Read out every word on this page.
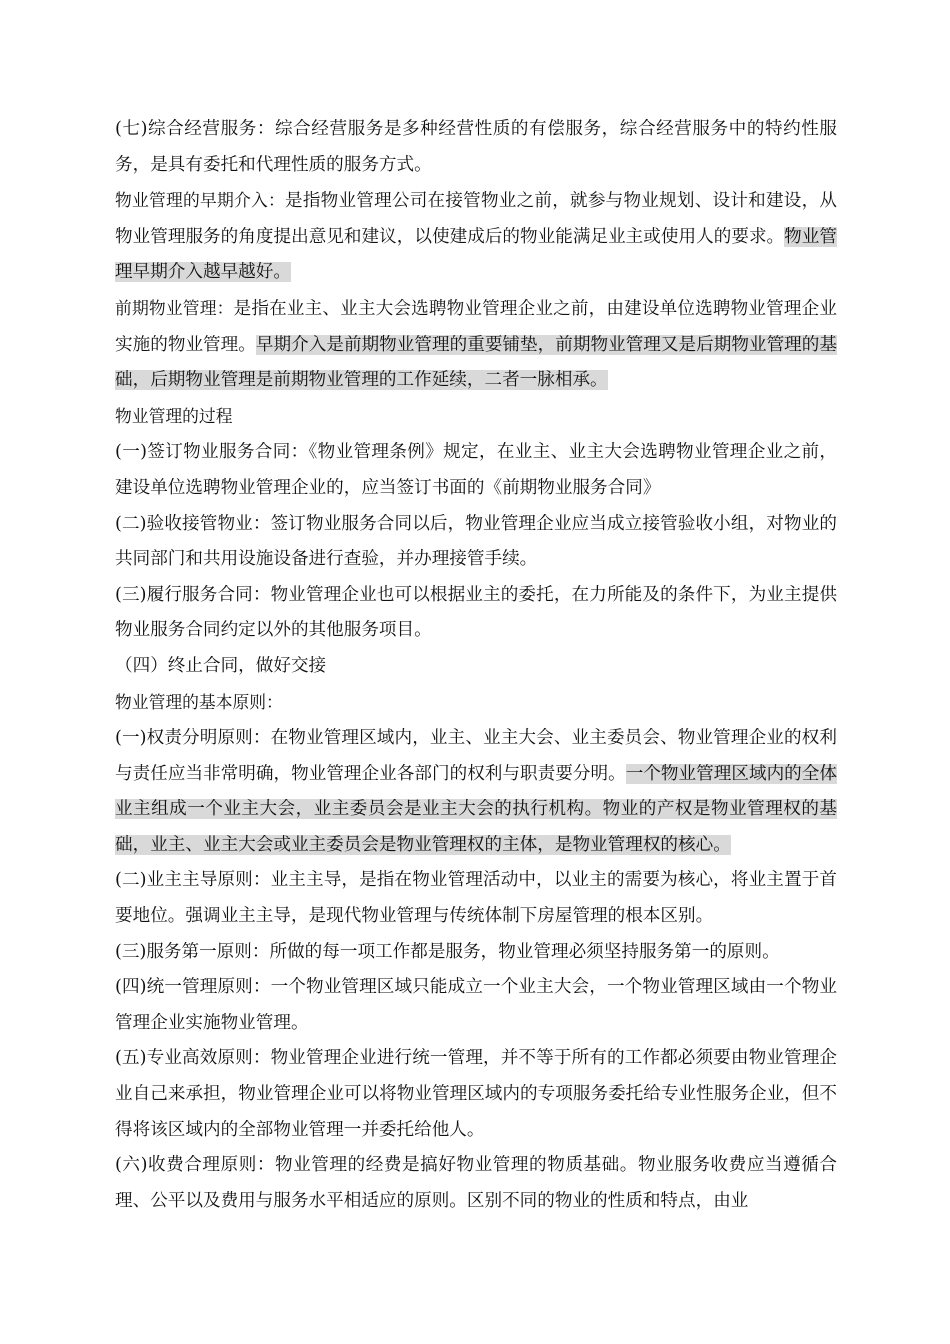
(七)综合经营服务：综合经营服务是多种经营性质的有偿服务，综合经营服务中的特约性服务，是具有委托和代理性质的服务方式。

物业管理的早期介入：是指物业管理公司在接管物业之前，就参与物业规划、设计和建设，从物业管理服务的角度提出意见和建议，以使建成后的物业能满足业主或使用人的要求。物业管理早期介入越早越好。

前期物业管理：是指在业主、业主大会选聘物业管理企业之前，由建设单位选聘物业管理企业实施的物业管理。早期介入是前期物业管理的重要铺垫，前期物业管理又是后期物业管理的基础，后期物业管理是前期物业管理的工作延续，二者一脉相承。

物业管理的过程

(一)签订物业服务合同：《物业管理条例》规定，在业主、业主大会选聘物业管理企业之前，建设单位选聘物业管理企业的，应当签订书面的《前期物业服务合同》

(二)验收接管物业：签订物业服务合同以后，物业管理企业应当成立接管验收小组，对物业的共同部门和共用设施设备进行查验，并办理接管手续。

(三)履行服务合同：物业管理企业也可以根据业主的委托，在力所能及的条件下，为业主提供物业服务合同约定以外的其他服务项目。

（四）终止合同，做好交接

物业管理的基本原则：

(一)权责分明原则：在物业管理区域内，业主、业主大会、业主委员会、物业管理企业的权利与责任应当非常明确，物业管理企业各部门的权利与职责要分明。一个物业管理区域内的全体业主组成一个业主大会，业主委员会是业主大会的执行机构。物业的产权是物业管理权的基础，业主、业主大会或业主委员会是物业管理权的主体，是物业管理权的核心。

(二)业主主导原则：业主主导，是指在物业管理活动中，以业主的需要为核心，将业主置于首要地位。强调业主主导，是现代物业管理与传统体制下房屋管理的根本区别。

(三)服务第一原则：所做的每一项工作都是服务，物业管理必须坚持服务第一的原则。

(四)统一管理原则：一个物业管理区域只能成立一个业主大会，一个物业管理区域由一个物业管理企业实施物业管理。

(五)专业高效原则：物业管理企业进行统一管理，并不等于所有的工作都必须要由物业管理企业自己来承担，物业管理企业可以将物业管理区域内的专项服务委托给专业性服务企业，但不得将该区域内的全部物业管理一并委托给他人。

(六)收费合理原则：物业管理的经费是搞好物业管理的物质基础。物业服务收费应当遵循合理、公平以及费用与服务水平相适应的原则。区别不同的物业的性质和特点，由业
